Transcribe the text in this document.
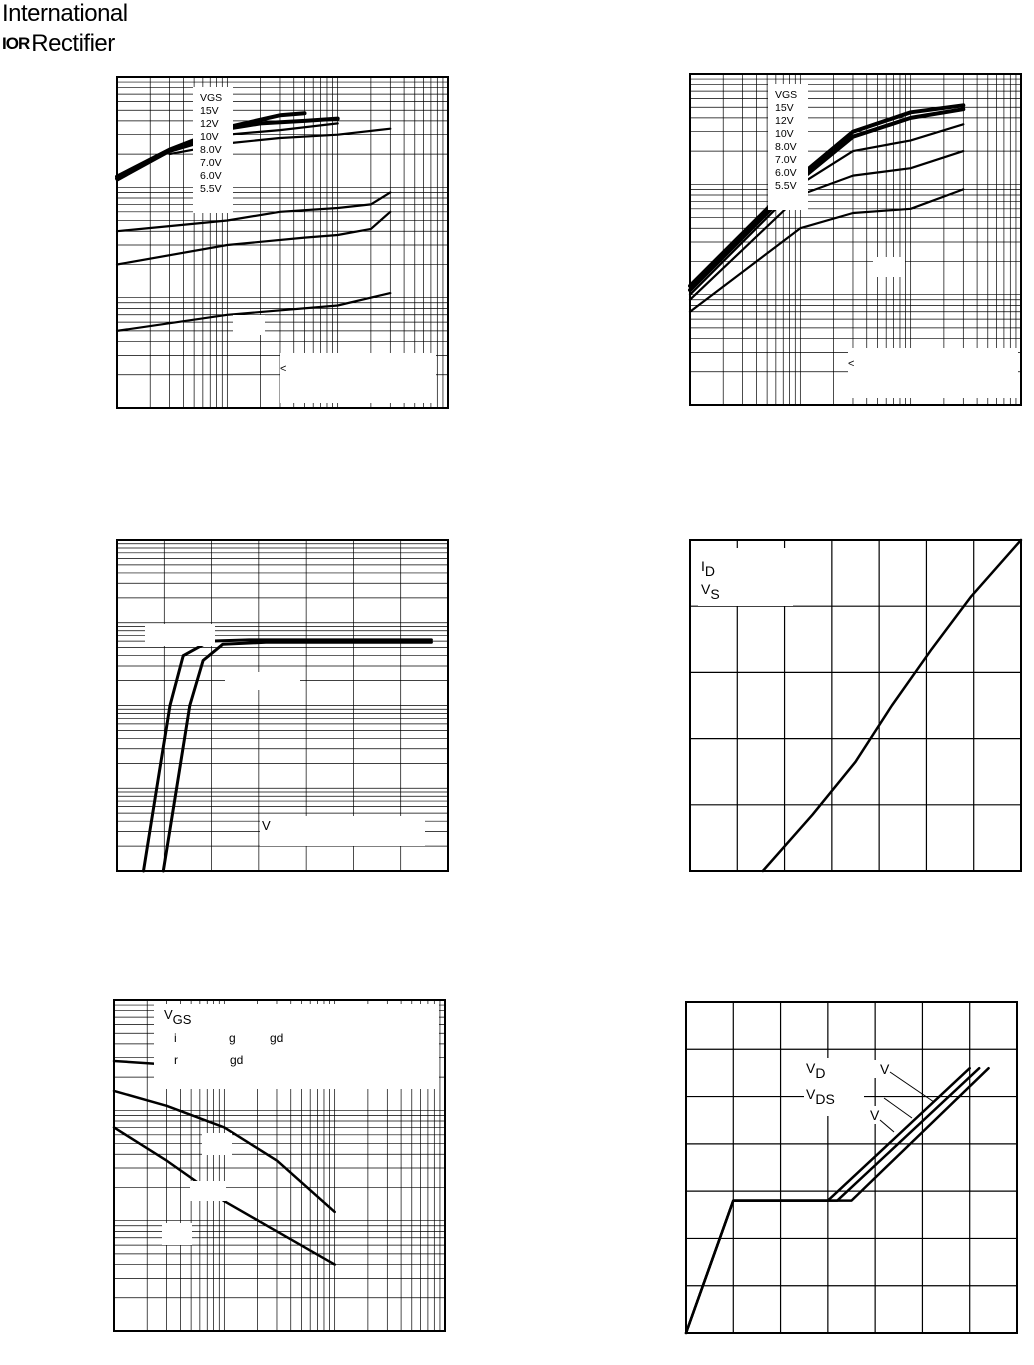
International
IORRectifier
VGS
15V
12V
10V
8.0V
7.0V
6.0V
5.5V
<
VGS
15V
12V
10V
8.0V
7.0V
6.0V
5.5V
<
V
ID
VS
VGS
i	g	gd
r	gd	VD
VDS
V
V
